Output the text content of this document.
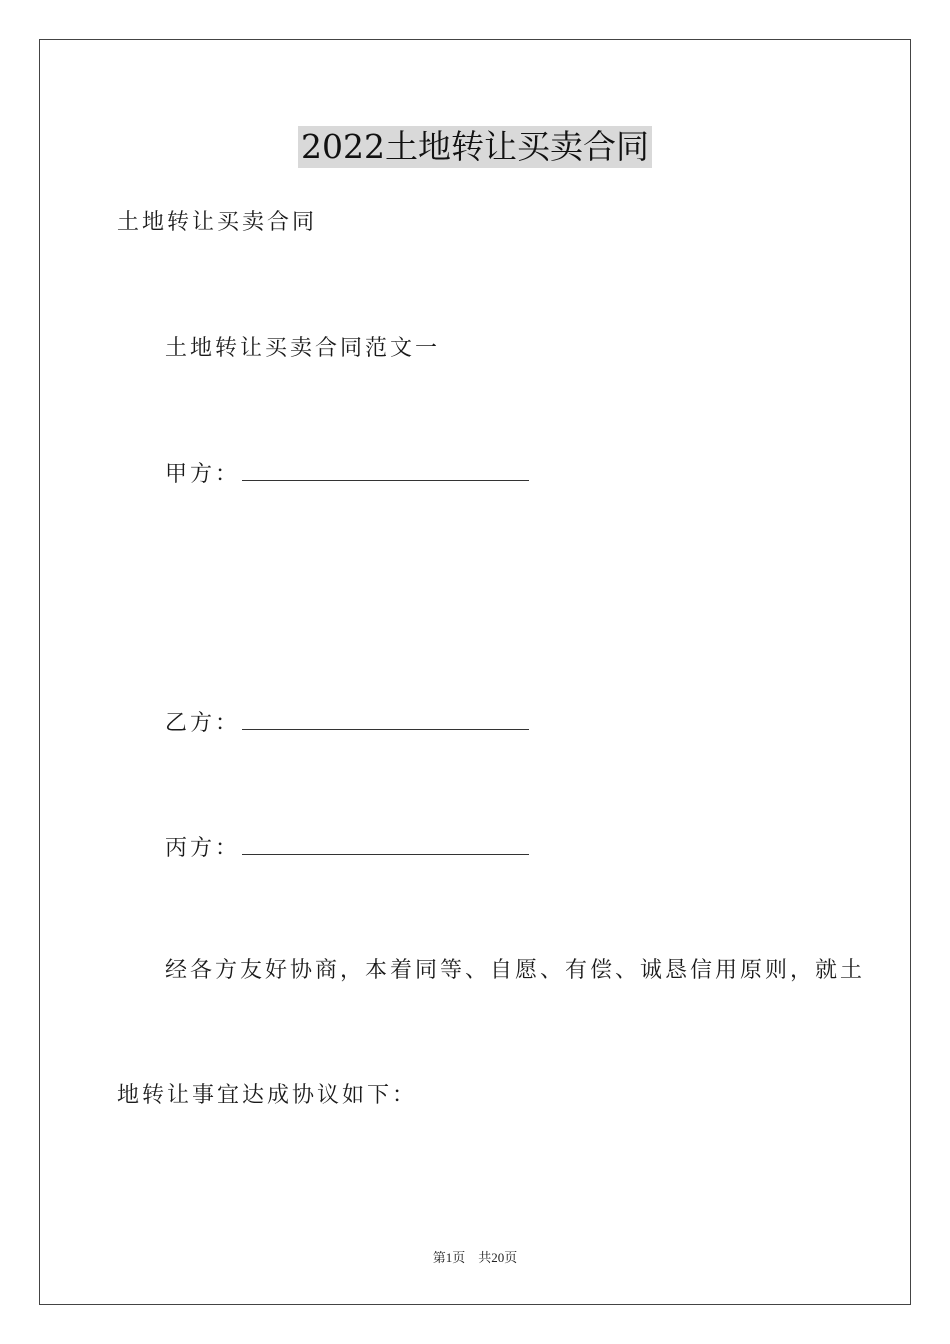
2022土地转让买卖合同
土地转让买卖合同
土地转让买卖合同范文一
甲方：
乙方：
丙方：
经各方友好协商，本着同等、自愿、有偿、诚恳信用原则，就土
地转让事宜达成协议如下：
第1页　共20页
